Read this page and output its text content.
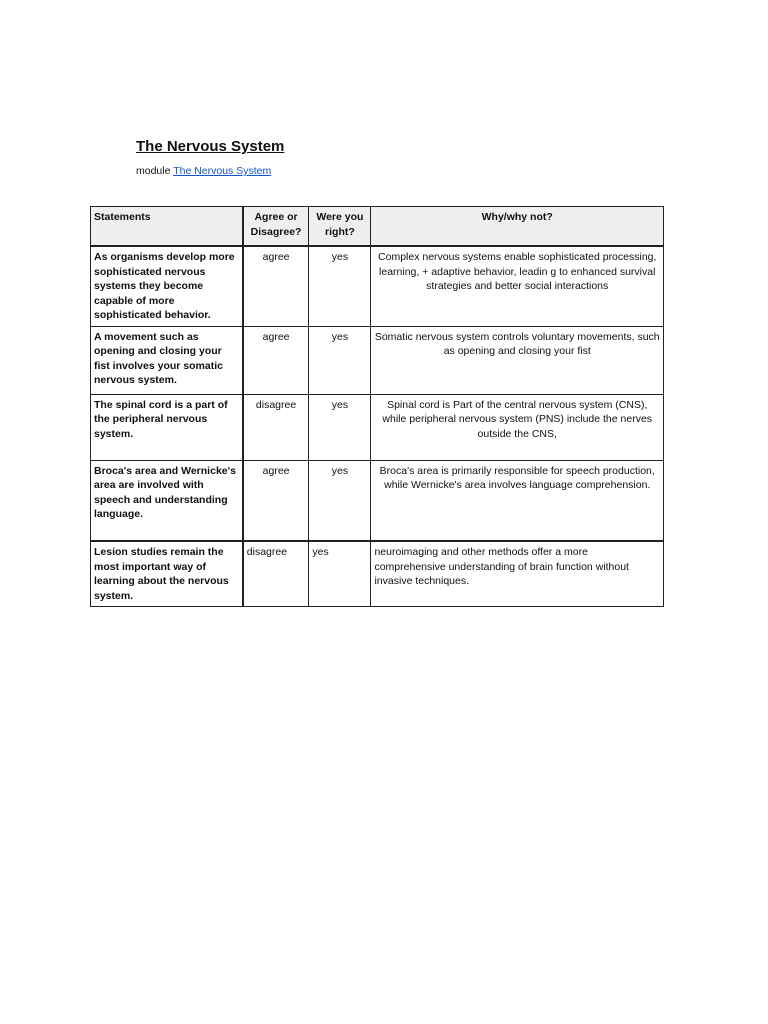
The Nervous System
module The Nervous System
Statements	Agree or Disagree?	Were you right?	Why/why not?
As organisms develop more sophisticated nervous systems they become capable of more sophisticated behavior.	agree	yes	Complex nervous systems enable sophisticated processing, learning, + adaptive behavior, leadin g to enhanced survival strategies and better social interactions
A movement such as opening and closing your fist involves your somatic nervous system.	agree	yes	Somatic nervous system controls voluntary movements, such as opening and closing your fist
The spinal cord is a part of the peripheral nervous system.	disagree	yes	Spinal cord is Part of the central nervous system (CNS), while peripheral nervous system (PNS) include the nerves outside the CNS,
Broca's area and Wernicke's area are involved with speech and understanding language.	agree	yes	Broca's area is primarily responsible for speech production, while Wernicke's area involves language comprehension.
Lesion studies remain the most important way of learning about the nervous system.	disagree	yes	neuroimaging and other methods offer a more comprehensive understanding of brain function without invasive techniques.
